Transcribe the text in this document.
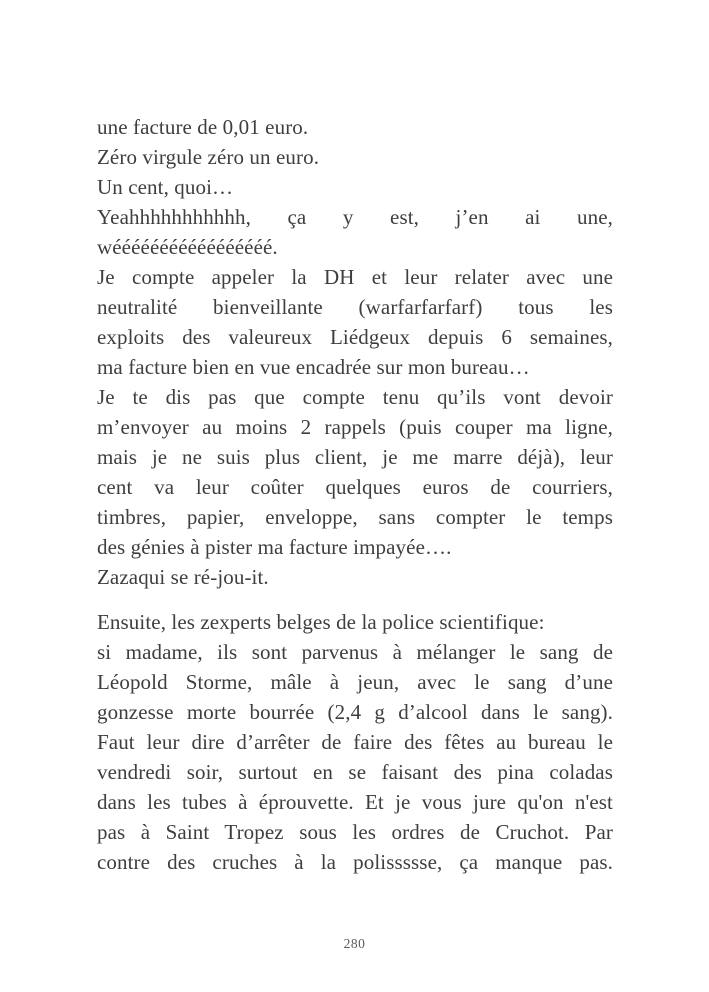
une facture de 0,01 euro.
Zéro virgule zéro un euro.
Un cent, quoi…
Yeahhhhhhhhhhh, ça y est, j’en ai une,
wééééééééééééééééé.
Je compte appeler la DH et leur relater avec une
neutralité bienveillante (warfarfarfarf) tous les
exploits des valeureux Liédgeux depuis 6 semaines,
ma facture bien en vue encadrée sur mon bureau…
Je te dis pas que compte tenu qu’ils vont devoir
m’envoyer au moins 2 rappels (puis couper ma ligne,
mais je ne suis plus client, je me marre déjà), leur
cent va leur coûter quelques euros de courriers,
timbres, papier, enveloppe, sans compter le temps
des génies à pister ma facture impayée….
Zazaqui se ré-jou-it.
Ensuite, les zexperts belges de la police scientifique:
si madame, ils sont parvenus à mélanger le sang de
Léopold Storme, mâle à jeun, avec le sang d’une
gonzesse morte bourrée (2,4 g d’alcool dans le sang).
Faut leur dire d’arrêter de faire des fêtes au bureau le
vendredi soir, surtout en se faisant des pina coladas
dans les tubes à éprouvette. Et je vous jure qu'on n'est
pas à Saint Tropez sous les ordres de Cruchot. Par
contre des cruches à la polissssse, ça manque pas.
280
